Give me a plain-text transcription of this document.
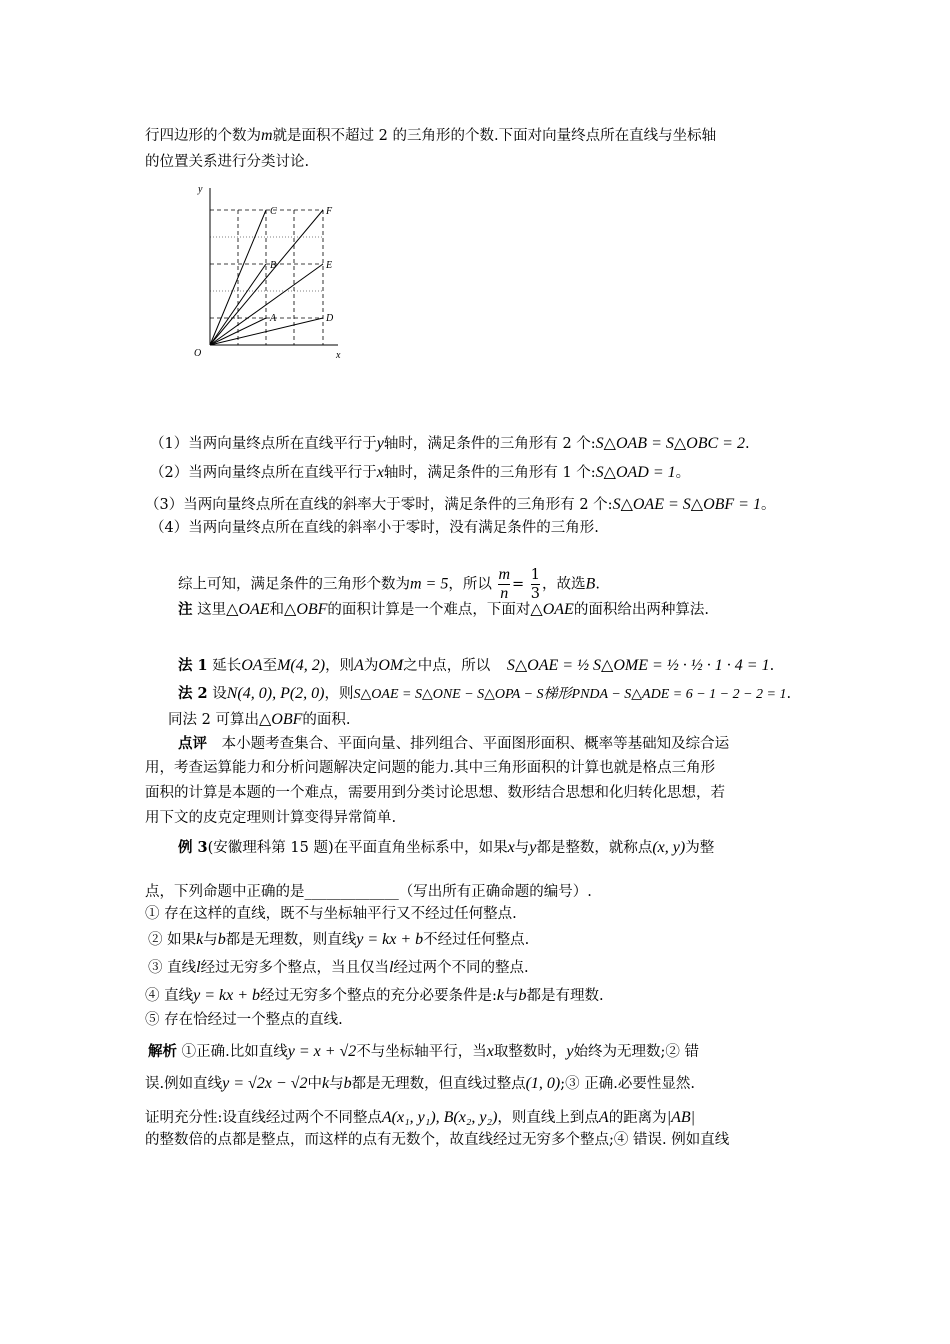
行四边形的个数为m就是面积不超过 2 的三角形的个数.下面对向量终点所在直线与坐标轴
的位置关系进行分类讨论.
O	x
y
A
B
C
D
E
F
（1）当两向量终点所在直线平行于y轴时，满足条件的三角形有 2 个:S△OAB = S△OBC = 2.
（2）当两向量终点所在直线平行于x轴时，满足条件的三角形有 1 个:S△OAD = 1。
（3）当两向量终点所在直线的斜率大于零时，满足条件的三角形有 2 个:S△OAE = S△OBF = 1。
（4）当两向量终点所在直线的斜率小于零时，没有满足条件的三角形.
综上可知，满足条件的三角形个数为m = 5，所以 $\frac{m}{n} = \frac{1}{3}$ ，故选B.
注 这里△OAE和△OBF的面积计算是一个难点，下面对△OAE的面积给出两种算法.
法 1 延长OA至M(4, 2)，则A为OM之中点，所以 S△OAE = ½ S△OME = ½ · ½ · 1 · 4 = 1.
法 2 设N(4, 0), P(2, 0)，则S△OAE = S△ONE − S△OPA − S梯形PNDA − S△ADE = 6 − 1 − 2 − 2 = 1.
同法 2 可算出△OBF的面积.
点评 本小题考查集合、平面向量、排列组合、平面图形面积、概率等基础知及综合运
用，考查运算能力和分析问题解决定问题的能力.其中三角形面积的计算也就是格点三角形
面积的计算是本题的一个难点，需要用到分类讨论思想、数形结合思想和化归转化思想，若
用下文的皮克定理则计算变得异常简单.
例 3(安徽理科第 15 题)在平面直角坐标系中，如果x与y都是整数，就称点(x, y)为整
点，下列命题中正确的是_____________（写出所有正确命题的编号）.
① 存在这样的直线，既不与坐标轴平行又不经过任何整点.
② 如果k与b都是无理数，则直线y = kx + b不经过任何整点.
③ 直线l经过无穷多个整点，当且仅当l经过两个不同的整点.
④ 直线y = kx + b经过无穷多个整点的充分必要条件是:k与b都是有理数.
⑤ 存在恰经过一个整点的直线.
解析 ①正确.比如直线y = x + √2不与坐标轴平行，当x取整数时，y始终为无理数;② 错
误.例如直线y = √2x − √2中k与b都是无理数，但直线过整点(1, 0);③ 正确.必要性显然.
证明充分性:设直线经过两个不同整点A(x₁, y₁), B(x₂, y₂)，则直线上到点A的距离为|AB|
的整数倍的点都是整点，而这样的点有无数个，故直线经过无穷多个整点;④ 错误. 例如直线
